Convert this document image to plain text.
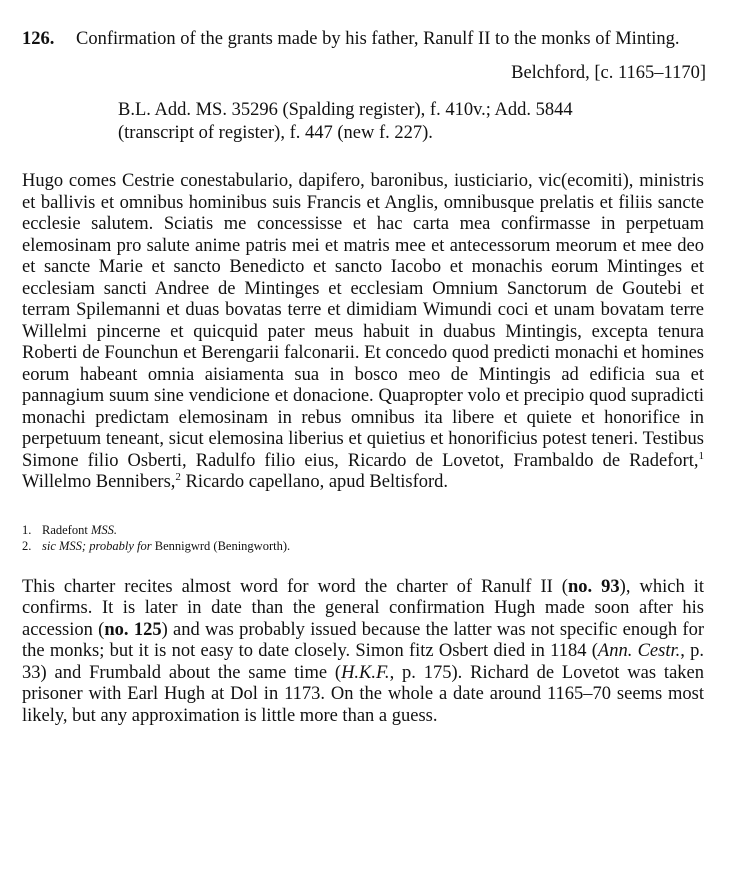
126.	Confirmation of the grants made by his father, Ranulf II to the monks of Minting.
Belchford, [c. 1165–1170]
B.L. Add. MS. 35296 (Spalding register), f. 410v.; Add. 5844 (transcript of register), f. 447 (new f. 227).

Hugo comes Cestrie conestabulario, dapifero, baronibus, iusticiario, vic(ecomiti), ministris et ballivis et omnibus hominibus suis Francis et Anglis, omnibusque prelatis et filiis sancte ecclesie salutem. Sciatis me concessisse et hac carta mea confirmasse in perpetuam elemosinam pro salute anime patris mei et matris mee et antecessorum meorum et mee deo et sancte Marie et sancto Benedicto et sancto Iacobo et monachis eorum Mintinges et ecclesiam sancti Andree de Mintinges et ecclesiam Omnium Sanctorum de Goutebi et terram Spilemanni et duas bovatas terre et dimidiam Wimundi coci et unam bovatam terre Willelmi pincerne et quicquid pater meus habuit in duabus Mintingis, excepta tenura Roberti de Founchun et Berengarii falconarii. Et concedo quod predicti monachi et homines eorum habeant omnia aisiamenta sua in bosco meo de Mintingis ad edificia sua et pannagium suum sine vendicione et donacione. Quapropter volo et precipio quod supradicti monachi predictam elemosinam in rebus omnibus ita libere et quiete et honorifice in perpetuum teneant, sicut elemosina liberius et quietius et honorificius potest teneri. Testibus Simone filio Osberti, Radulfo filio eius, Ricardo de Lovetot, Frambaldo de Radefort,$^1$ Willelmo Bennibers,$^2$ Ricardo capellano, apud Beltisford.

1. Radefont MSS.
2. sic MSS; probably for Bennigwrd (Beningworth).

This charter recites almost word for word the charter of Ranulf II (no. 93), which it confirms. It is later in date than the general confirmation Hugh made soon after his accession (no. 125) and was probably issued because the latter was not specific enough for the monks; but it is not easy to date closely. Simon fitz Osbert died in 1184 (Ann. Cestr., p. 33) and Frumbald about the same time (H.K.F., p. 175). Richard de Lovetot was taken prisoner with Earl Hugh at Dol in 1173. On the whole a date around 1165–70 seems most likely, but any approximation is little more than a guess.
